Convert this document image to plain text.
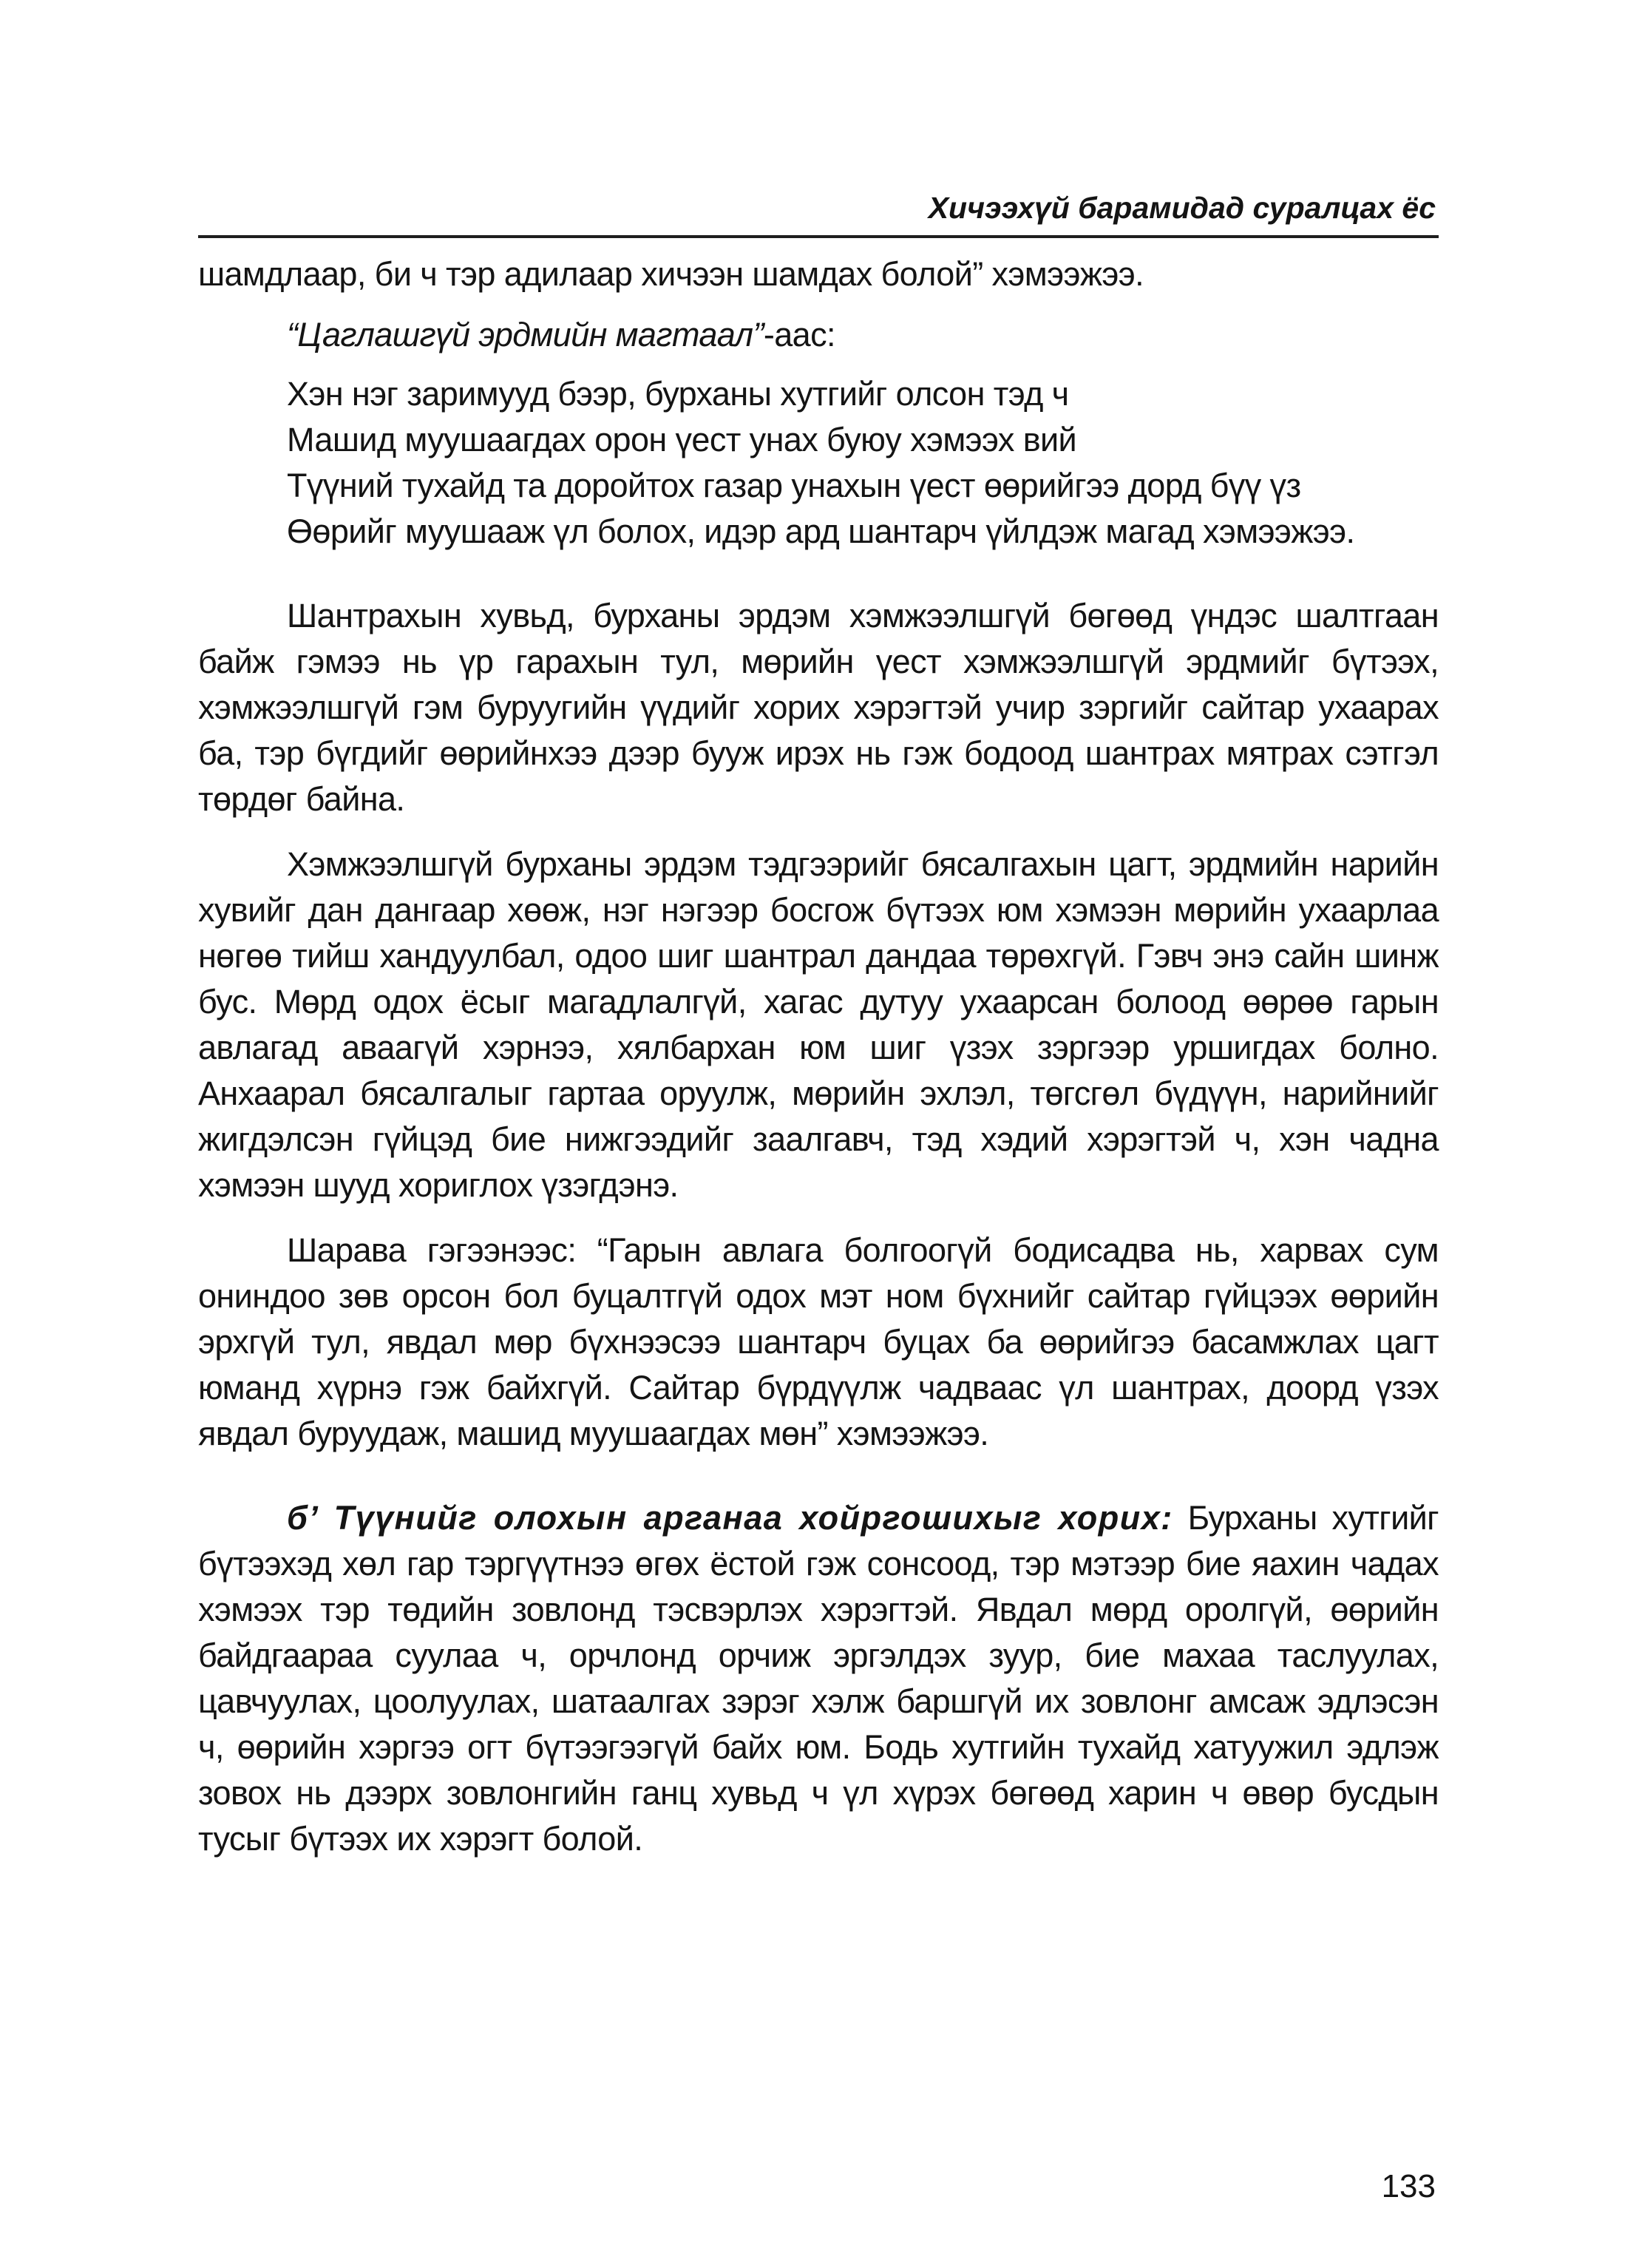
Хичээхүй барамидад суралцах ёс

шамдлаар, би ч тэр адилаар хичээн шамдах болой” хэмээжээ.

“Цаглашгүй эрдмийн магтаал”-аас:

Хэн нэг заримууд бээр, бурханы хутгийг олсон тэд ч
Машид муушаагдах орон үест унах буюу хэмээх вий
Түүний тухайд та доройтох газар унахын үест өөрийгээ дорд бүү үз
Өөрийг муушааж үл болох, идэр ард шантарч үйлдэж магад хэмээжээ.

Шантрахын хувьд, бурханы эрдэм хэмжээлшгүй бөгөөд үндэс шалтгаан байж гэмээ нь үр гарахын тул, мөрийн үест хэмжээлшгүй эрдмийг бүтээх, хэмжээлшгүй гэм буруугийн үүдийг хорих хэрэгтэй учир зэргийг сайтар ухаарах ба, тэр бүгдийг өөрийнхээ дээр бууж ирэх нь гэж бодоод шантрах мятрах сэтгэл төрдөг байна.

Хэмжээлшгүй бурханы эрдэм тэдгээрийг бясалгахын цагт, эрдмийн нарийн хувийг дан дангаар хөөж, нэг нэгээр босгож бүтээх юм хэмээн мөрийн ухаарлаа нөгөө тийш хандуулбал, одоо шиг шантрал дандаа төрөхгүй. Гэвч энэ сайн шинж бус. Мөрд одох ёсыг магадлалгүй, хагас дутуу ухаарсан болоод өөрөө гарын авлагад аваагүй хэрнээ, хялбархан юм шиг үзэх зэргээр уршигдах болно. Анхаарал бясалгалыг гартаа оруулж, мөрийн эхлэл, төгсгөл бүдүүн, нарийнийг жигдэлсэн гүйцэд бие нижгээдийг заалгавч, тэд хэдий хэрэгтэй ч, хэн чадна хэмээн шууд хориглох үзэгдэнэ.

Шарава гэгээнээс: “Гарын авлага болгоогүй бодисадва нь, харвах сум ониндоо зөв орсон бол буцалтгүй одох мэт ном бүхнийг сайтар гүйцээх өөрийн эрхгүй тул, явдал мөр бүхнээсээ шантарч буцах ба өөрийгээ басамжлах цагт юманд хүрнэ гэж байхгүй. Сайтар бүрдүүлж чадвaас үл шантрах, доорд үзэх явдал буруудаж, машид муушаагдах мөн” хэмээжээ.

б’ Түүнийг олохын арганаа хойргошихыг хорих: Бурханы хутгийг бүтээхэд хөл гар тэргүүтнээ өгөх ёстой гэж сонсоод, тэр мэтээр бие яахин чадах хэмээх тэр төдийн зовлонд тэсвэрлэх хэрэгтэй. Явдал мөрд оролгүй, өөрийн байдгаараа суулаа ч, орчлонд орчиж эргэлдэх зуур, бие махаа таслуулах, цавчуулах, цоолуулах, шатаалгах зэрэг хэлж баршгүй их зовлонг амсаж эдлэсэн ч, өөрийн хэргээ огт бүтээгээгүй байх юм. Бодь хутгийн тухайд хатуужил эдлэж зовох нь дээрх зовлонгийн ганц хувьд ч үл хүрэх бөгөөд харин ч өвөр бусдын тусыг бүтээх их хэрэгт болой.

133
